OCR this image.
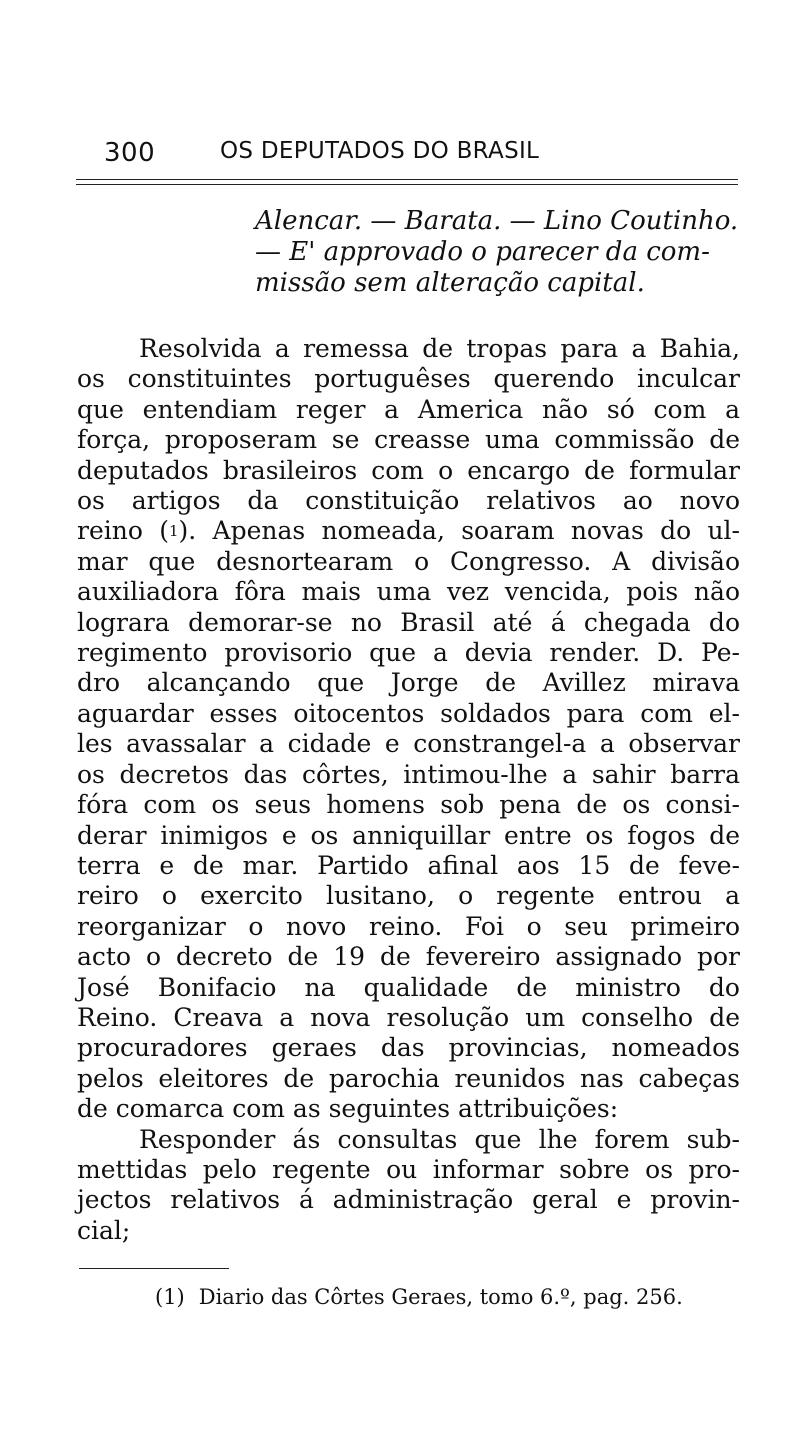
300	OS DEPUTADOS DO BRASIL
Alencar. — Barata. — Lino Coutinho.
— E' approvado o parecer da com-
missão sem alteração capital.
Resolvida a remessa de tropas para a Bahia,
os constituintes portuguêses querendo inculcar
que entendiam reger a America não só com a
força, proposeram se creasse uma commissão de
deputados brasileiros com o encargo de formular
os artigos da constituição relativos ao novo
reino ($^1$). Apenas nomeada, soaram novas do ul-
mar que desnortearam o Congresso. A divisão
auxiliadora fôra mais uma vez vencida, pois não
lograra demorar-se no Brasil até á chegada do
regimento provisorio que a devia render. D. Pe-
dro alcançando que Jorge de Avillez mirava
aguardar esses oitocentos soldados para com el-
les avassalar a cidade e constrangel-a a observar
os decretos das côrtes, intimou-lhe a sahir barra
fóra com os seus homens sob pena de os consi-
derar inimigos e os anniquillar entre os fogos de
terra e de mar. Partido afinal aos 15 de feve-
reiro o exercito lusitano, o regente entrou a
reorganizar o novo reino. Foi o seu primeiro
acto o decreto de 19 de fevereiro assignado por
José Bonifacio na qualidade de ministro do
Reino. Creava a nova resolução um conselho de
procuradores geraes das provincias, nomeados
pelos eleitores de parochia reunidos nas cabeças
de comarca com as seguintes attribuições:
Responder ás consultas que lhe forem sub-
mettidas pelo regente ou informar sobre os pro-
jectos relativos á administração geral e provin-
cial;
(1) Diario das Côrtes Geraes, tomo 6.º, pag. 256.
